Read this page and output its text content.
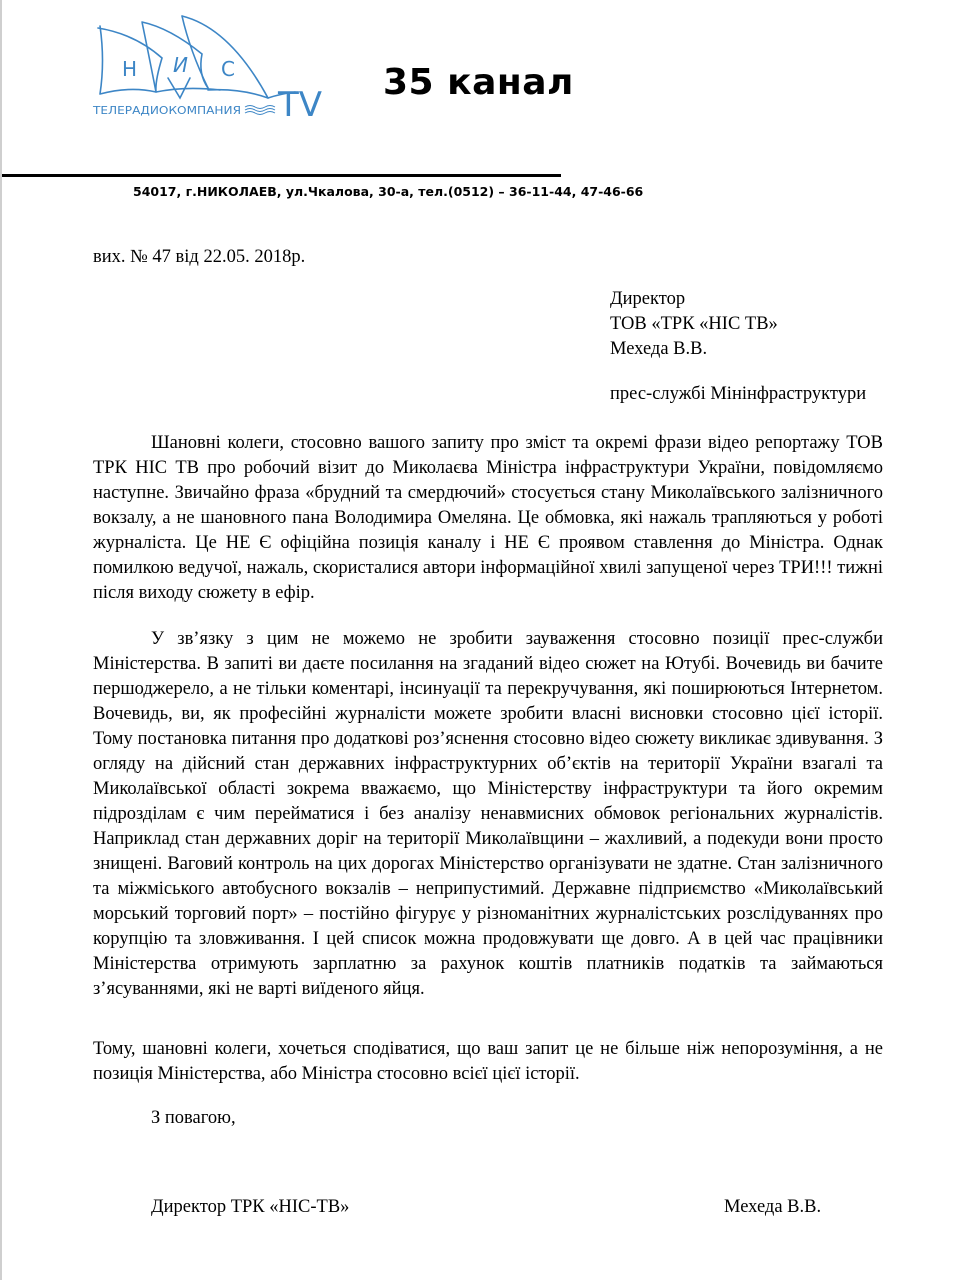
Н И С
ТЕЛЕРАДИОКОМПАНИЯ TV
35 канал
54017, г.НИКОЛАЕВ, ул.Чкалова, 30-а, тел.(0512) – 36-11-44, 47-46-66
вих. № 47 від 22.05. 2018р.
Директор
ТОВ «ТРК «НІС ТВ»
Мехеда В.В.
прес-службі Мінінфраструктури

Шановні колеги, стосовно вашого запиту про зміст та окремі фрази відео репортажу ТОВ ТРК НІС ТВ про робочий візит до Миколаєва Міністра інфраструктури України, повідомляємо наступне. Звичайно фраза «брудний та смердючий» стосується стану Миколаївського залізничного вокзалу, а не шановного пана Володимира Омеляна. Це обмовка, які нажаль трапляються у роботі журналіста. Це НЕ Є офіційна позиція каналу і НЕ Є проявом ставлення до Міністра. Однак помилкою ведучої, нажаль, скористалися автори інформаційної хвилі запущеної через ТРИ!!! тижні після виходу сюжету в ефір.

У зв’язку з цим не можемо не зробити зауваження стосовно позиції прес-служби Міністерства. В запиті ви даєте посилання на згаданий відео сюжет на Ютубі. Вочевидь ви бачите першоджерело, а не тільки коментарі, інсинуації та перекручування, які поширюються Інтернетом. Вочевидь, ви, як професійні журналісти можете зробити власні висновки стосовно цієї історії. Тому постановка питання про додаткові роз’яснення стосовно відео сюжету викликає здивування. З огляду на дійсний стан державних інфраструктурних об’єктів на території України взагалі та Миколаївської області зокрема вважаємо, що Міністерству інфраструктури та його окремим підрозділам є чим перейматися і без аналізу ненавмисних обмовок регіональних журналістів. Наприклад стан державних доріг на території Миколаївщини – жахливий, а подекуди вони просто знищені. Ваговий контроль на цих дорогах Міністерство організувати не здатне. Стан залізничного та міжміського автобусного вокзалів – неприпустимий. Державне підприємство «Миколаївський морський торговий порт» – постійно фігурує у різноманітних журналістських розслідуваннях про корупцію та зловживання. І цей список можна продовжувати ще довго. А в цей час працівники Міністерства отримують зарплатню за рахунок коштів платників податків та займаються з’ясуваннями, які не варті виїденого яйця.

Тому, шановні колеги, хочеться сподіватися, що ваш запит це не більше ніж непорозуміння, а не позиція Міністерства, або Міністра стосовно всієї цієї історії.

З повагою,
Директор ТРК «НІС-ТВ»	Мехеда В.В.
